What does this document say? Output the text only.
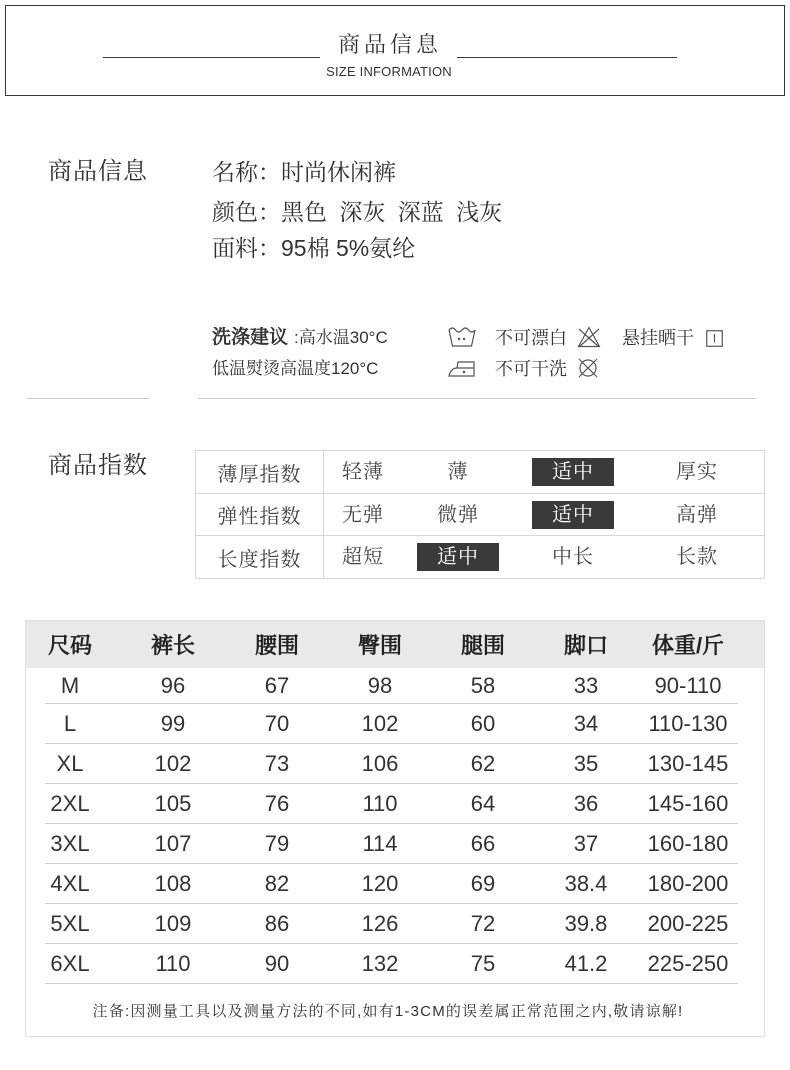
商品信息
SIZE INFORMATION
商品信息	名称：时尚休闲裤
颜色：黑色 深灰 深蓝 浅灰
面料：95棉 5%氨纶
洗涤建议 :高水温30°C	不可漂白	悬挂晒干
低温熨烫高温度120°C	不可干洗
商品指数	薄厚指数	轻薄	薄	适中	厚实
弹性指数	无弹	微弹	适中	高弹
长度指数	超短	适中	中长	长款
尺码	裤长	腰围	臀围	腿围	脚口	体重/斤
M	96	67	98	58	33	90-110
L	99	70	102	60	34	110-130
XL	102	73	106	62	35	130-145
2XL	105	76	110	64	36	145-160
3XL	107	79	114	66	37	160-180
4XL	108	82	120	69	38.4	180-200
5XL	109	86	126	72	39.8	200-225
6XL	110	90	132	75	41.2	225-250
注备:因测量工具以及测量方法的不同,如有1-3CM的误差属正常范围之内,敬请谅解!
